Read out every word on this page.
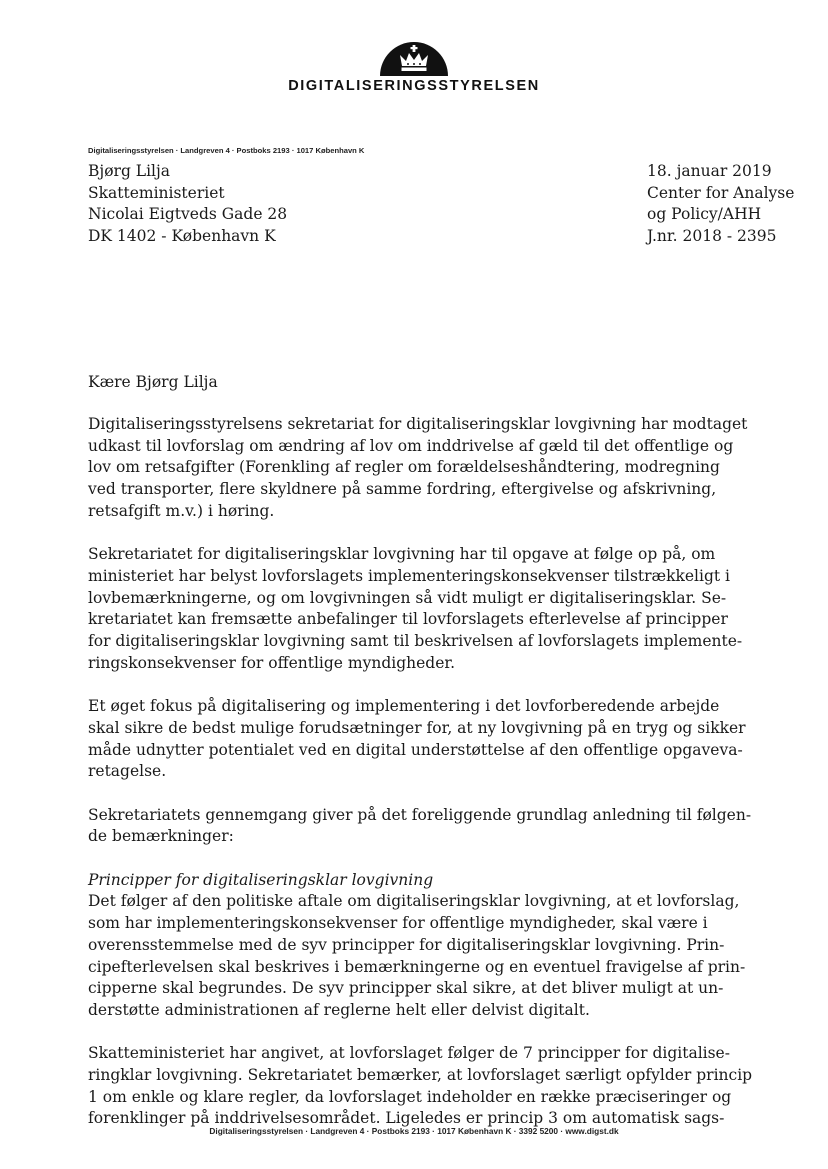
DIGITALISERINGSSTYRELSEN
Digitaliseringsstyrelsen · Landgreven 4 · Postboks 2193 · 1017 København K
Bjørg Lilja
Skatteministeriet
Nicolai Eigtveds Gade 28
DK 1402 - København K
18. januar 2019
Center for Analyse
og Policy/AHH
J.nr. 2018 - 2395
Kære Bjørg Lilja

Digitaliseringsstyrelsens sekretariat for digitaliseringsklar lovgivning har modtaget
udkast til lovforslag om ændring af lov om inddrivelse af gæld til det offentlige og
lov om retsafgifter (Forenkling af regler om forældelseshåndtering, modregning
ved transporter, flere skyldnere på samme fordring, eftergivelse og afskrivning,
retsafgift m.v.) i høring.

Sekretariatet for digitaliseringsklar lovgivning har til opgave at følge op på, om
ministeriet har belyst lovforslagets implementeringskonsekvenser tilstrækkeligt i
lovbemærkningerne, og om lovgivningen så vidt muligt er digitaliseringsklar. Se-
kretariatet kan fremsætte anbefalinger til lovforslagets efterlevelse af principper
for digitaliseringsklar lovgivning samt til beskrivelsen af lovforslagets implemente-
ringskonsekvenser for offentlige myndigheder.

Et øget fokus på digitalisering og implementering i det lovforberedende arbejde
skal sikre de bedst mulige forudsætninger for, at ny lovgivning på en tryg og sikker
måde udnytter potentialet ved en digital understøttelse af den offentlige opgaveva-
retagelse.

Sekretariatets gennemgang giver på det foreliggende grundlag anledning til følgen-
de bemærkninger:

Principper for digitaliseringsklar lovgivning

Det følger af den politiske aftale om digitaliseringsklar lovgivning, at et lovforslag,
som har implementeringskonsekvenser for offentlige myndigheder, skal være i
overensstemmelse med de syv principper for digitaliseringsklar lovgivning. Prin-
cipefterlevelsen skal beskrives i bemærkningerne og en eventuel fravigelse af prin-
cipperne skal begrundes. De syv principper skal sikre, at det bliver muligt at un-
derstøtte administrationen af reglerne helt eller delvist digitalt.

Skatteministeriet har angivet, at lovforslaget følger de 7 principper for digitalise-
ringklar lovgivning. Sekretariatet bemærker, at lovforslaget særligt opfylder princip
1 om enkle og klare regler, da lovforslaget indeholder en række præciseringer og
forenklinger på inddrivelsesområdet. Ligeledes er princip 3 om automatisk sags-

Digitaliseringsstyrelsen · Landgreven 4 · Postboks 2193 · 1017 København K · 3392 5200 · www.digst.dk
